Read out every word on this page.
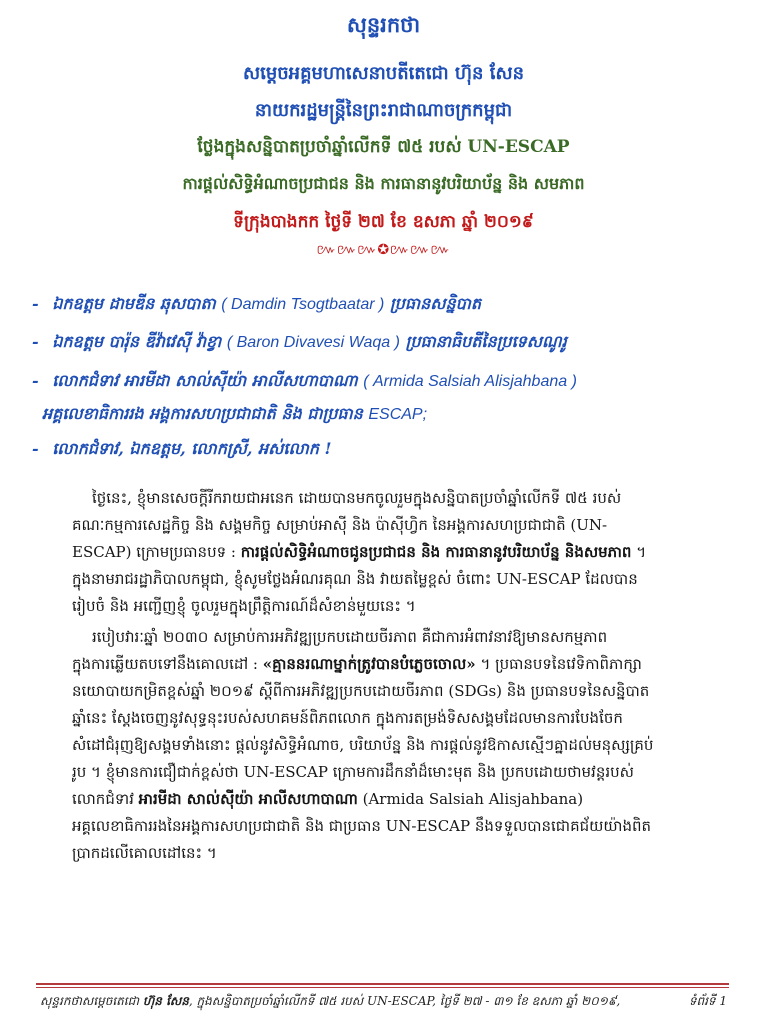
សុន្ទរកថា
សម្ដេចអគ្គមហាសេនាបតីតេជោ ហ៊ុន សែន
នាយករដ្ឋមន្ត្រីនៃព្រះរាជាណាចក្រកម្ពុជា
ថ្លែងក្នុងសន្និបាតប្រចាំឆ្នាំលើកទី ៧៥ របស់ UN-ESCAP
ការផ្ដល់សិទ្ធិអំណាចប្រជាជន និង ការធានានូវបរិយាប័ន្ន និង សមភាព
ទីក្រុងបាងកក ថ្ងៃទី ២៧ ខែ ឧសភា ឆ្នាំ ២០១៩
៚៚៚✪៚៚៚
- ឯកឧត្ដម ដាមឌីន ឆុសបាតា ( Damdin Tsogtbaatar ) ប្រធានសន្និបាត
- ឯកឧត្ដម បារ៉ុន ឌីវ៉ាវេស៊ី វ៉ាខ្វា ( Baron Divavesi Waqa ) ប្រធានាធិបតីនៃប្រទេសណូរូ
- លោកជំទាវ អារមីដា សាល់ស៊ីយ៉ា អាលីសហាបាណា ( Armida Salsiah Alisjahbana )
អគ្គលេខាធិការរង អង្គការសហប្រជាជាតិ និង ជាប្រធាន ESCAP;
- លោកជំទាវ, ឯកឧត្តម, លោកស្រី, អស់លោក !
ថ្ងៃនេះ, ខ្ញុំមានសេចក្ដីរីករាយជាអនេក ដោយបានមកចូលរួមក្នុងសន្និបាតប្រចាំឆ្នាំលើកទី ៧៥ របស់
គណៈកម្មការសេដ្ឋកិច្ច និង សង្គមកិច្ច សម្រាប់អាស៊ី និង ប៉ាស៊ីហ្វិក នៃអង្គការសហប្រជាជាតិ (UN-
ESCAP) ក្រោមប្រធានបទ : ការផ្ដល់សិទ្ធិអំណាចជូនប្រជាជន និង ការធានានូវបរិយាប័ន្ន និងសមភាព ។
ក្នុងនាមរាជរដ្ឋាភិបាលកម្ពុជា, ខ្ញុំសូមថ្លែងអំណរគុណ និង វាយតម្លៃខ្ពស់ ចំពោះ UN-ESCAP ដែលបាន
រៀបចំ និង អញ្ជើញខ្ញុំ ចូលរួមក្នុងព្រឹត្តិការណ៍ដ៏សំខាន់មួយនេះ ។
របៀបវារៈឆ្នាំ ២០៣០ សម្រាប់ការអភិវឌ្ឍប្រកបដោយចីរភាព គឺជាការអំពាវនាវឱ្យមានសកម្មភាព
ក្នុងការឆ្លើយតបទៅនឹងគោលដៅ : «គ្មាននរណាម្នាក់ត្រូវបានបំភ្លេចចោល» ។ ប្រធានបទនៃវេទិកាពិភាក្សា
នយោបាយកម្រិតខ្ពស់ឆ្នាំ ២០១៩ ស្ដីពីការអភិវឌ្ឍប្រកបដោយចីរភាព (SDGs) និង ប្រធានបទនៃសន្និបាត
ឆ្នាំនេះ ស្ដែងចេញនូវសុទ្ធនុះរបស់សហគមន៍ពិភពលោក ក្នុងការតម្រង់ទិសសង្គមដែលមានការបែងចែក
សំដៅជំរុញឱ្យសង្គមទាំងនោះ ផ្ដល់នូវសិទ្ធិអំណាច, បរិយាប័ន្ន និង ការផ្ដល់នូវឱកាសស្មើៗគ្នាដល់មនុស្សគ្រប់
រូប ។ ខ្ញុំមានការជឿជាក់ខ្ពស់ថា UN-ESCAP ក្រោមការដឹកនាំដ៏មោះមុត និង ប្រកបដោយថាមវន្តរបស់
លោកជំទាវ អារមីដា សាល់ស៊ីយ៉ា អាលីសហាបាណា (Armida Salsiah Alisjahbana)
អគ្គលេខាធិការរងនៃអង្គការសហប្រជាជាតិ និង ជាប្រធាន UN-ESCAP នឹងទទួលបានជោគជ័យយ៉ាងពិត
ប្រាកដលើគោលដៅនេះ ។
សុន្ទរកថាសម្ដេចតេជោ ហ៊ុន សែន, ក្នុងសន្និបាតប្រចាំឆ្នាំលើកទី ៧៥ របស់ UN-ESCAP, ថ្ងៃទី ២៧ - ៣១ ខែ ឧសភា ឆ្នាំ ២០១៩,	ទំព័រទី 1
